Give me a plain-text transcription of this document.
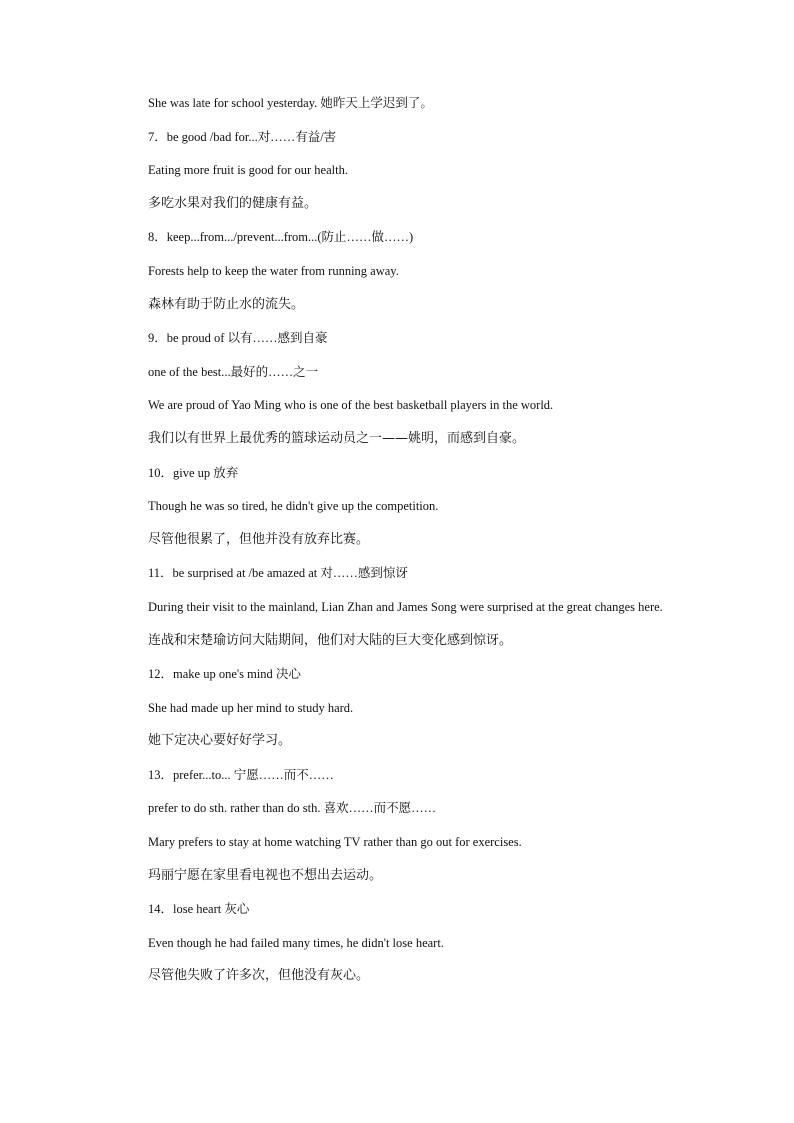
She was late for school yesterday. 她昨天上学迟到了。

7．be good /bad for...对……有益/害

Eating more fruit is good for our health.

多吃水果对我们的健康有益。

8．keep...from.../prevent...from...(防止……做……)

Forests help to keep the water from running away.

森林有助于防止水的流失。

9．be proud of 以有……感到自豪

one of the best...最好的……之一

We are proud of Yao Ming who is one of the best basketball players in the world.

我们以有世界上最优秀的篮球运动员之一——姚明，而感到自豪。

10．give up 放弃

Though he was so tired, he didn't give up the competition.

尽管他很累了，但他并没有放弃比赛。

11．be surprised at /be amazed at 对……感到惊讶

During their visit to the mainland, Lian Zhan and James Song were surprised at the great changes here.

连战和宋楚瑜访问大陆期间，他们对大陆的巨大变化感到惊讶。

12．make up one's mind 决心

She had made up her mind to study hard.

她下定决心要好好学习。

13．prefer...to... 宁愿……而不……

prefer to do sth. rather than do sth. 喜欢……而不愿……

Mary prefers to stay at home watching TV rather than go out for exercises.

玛丽宁愿在家里看电视也不想出去运动。

14．lose heart 灰心

Even though he had failed many times, he didn't lose heart.

尽管他失败了许多次，但他没有灰心。
